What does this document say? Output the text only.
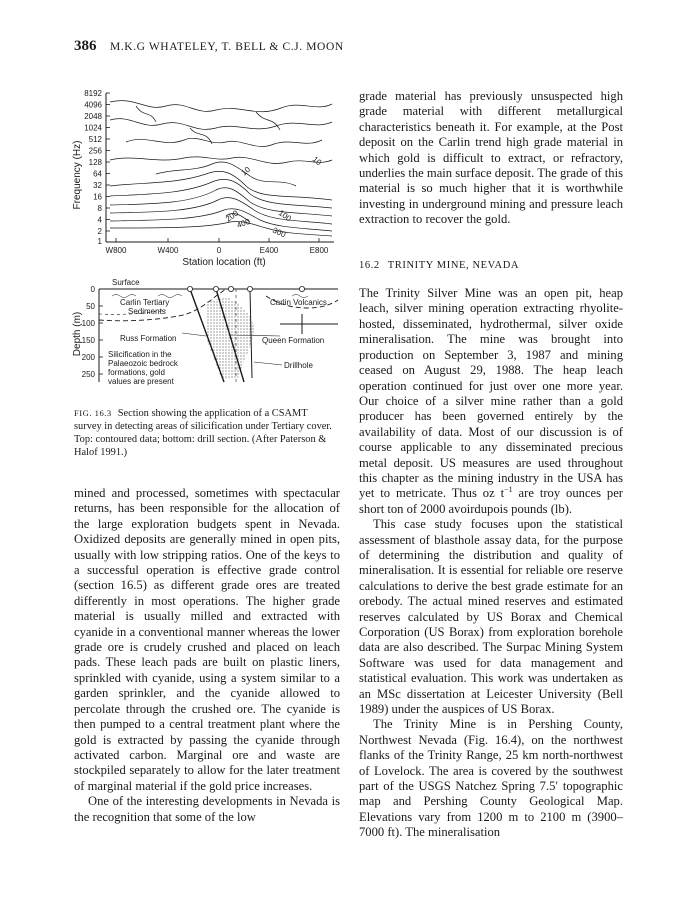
386 M.K.G WHATELEY, T. BELL & C.J. MOON
Frequency (Hz)
8192
4096
2048
1024
512
256
128
64
32
16
8
4
2
1
W800	W400	0	E400	E800
Station location (ft)
10
10
200	100
400
300
Depth (m)
0
50
100
150
200
250
Surface
Carlin Tertiary
Sediments
Carlin Volcanics
Russ Formation	Queen Formation
Silicification in the
Palaeozoic bedrock
formations, gold
values are present
Drillhole
FIG. 16.3 Section showing the application of a CSAMT survey in detecting areas of silicification under Tertiary cover. Top: contoured data; bottom: drill section. (After Paterson & Halof 1991.)

mined and processed, sometimes with spectacular returns, has been responsible for the allocation of the large exploration budgets spent in Nevada. Oxidized deposits are generally mined in open pits, usually with low stripping ratios. One of the keys to a successful operation is effective grade control (section 16.5) as different grade ores are treated differently in most operations. The higher grade material is usually milled and extracted with cyanide in a conventional manner whereas the lower grade ore is crudely crushed and placed on leach pads. These leach pads are built on plastic liners, sprinkled with cyanide, using a system similar to a garden sprinkler, and the cyanide allowed to percolate through the crushed ore. The cyanide is then pumped to a central treatment plant where the gold is extracted by passing the cyanide through activated carbon. Marginal ore and waste are stockpiled separately to allow for the later treatment of marginal material if the gold price increases.

One of the interesting developments in Nevada is the recognition that some of the low

grade material has previously unsuspected high grade material with different metallurgical characteristics beneath it. For example, at the Post deposit on the Carlin trend high grade material in which gold is difficult to extract, or refractory, underlies the main surface deposit. The grade of this material is so much higher that it is worthwhile investing in underground mining and pressure leach extraction to recover the gold.

16.2 TRINITY MINE, NEVADA

The Trinity Silver Mine was an open pit, heap leach, silver mining operation extracting rhyolite-hosted, disseminated, hydrothermal, silver oxide mineralisation. The mine was brought into production on September 3, 1987 and mining ceased on August 29, 1988. The heap leach operation continued for just over one more year. Our choice of a silver mine rather than a gold producer has been governed entirely by the availability of data. Most of our discussion is of course applicable to any disseminated precious metal deposit. US measures are used throughout this chapter as the mining industry in the USA has yet to metricate. Thus oz $t^{-1}$ are troy ounces per short ton of 2000 avoirdupois pounds (lb).

This case study focuses upon the statistical assessment of blasthole assay data, for the purpose of determining the distribution and quality of mineralisation. It is essential for reliable ore reserve calculations to derive the best grade estimate for an orebody. The actual mined reserves and estimated reserves calculated by US Borax and Chemical Corporation (US Borax) from exploration borehole data are also described. The Surpac Mining System Software was used for data management and statistical evaluation. This work was undertaken as an MSc dissertation at Leicester University (Bell 1989) under the auspices of US Borax.

The Trinity Mine is in Pershing County, Northwest Nevada (Fig. 16.4), on the northwest flanks of the Trinity Range, 25 km north-northwest of Lovelock. The area is covered by the southwest part of the USGS Natchez Spring 7.5′ topographic map and Pershing County Geological Map. Elevations vary from 1200 m to 2100 m (3900–7000 ft). The mineralisation
